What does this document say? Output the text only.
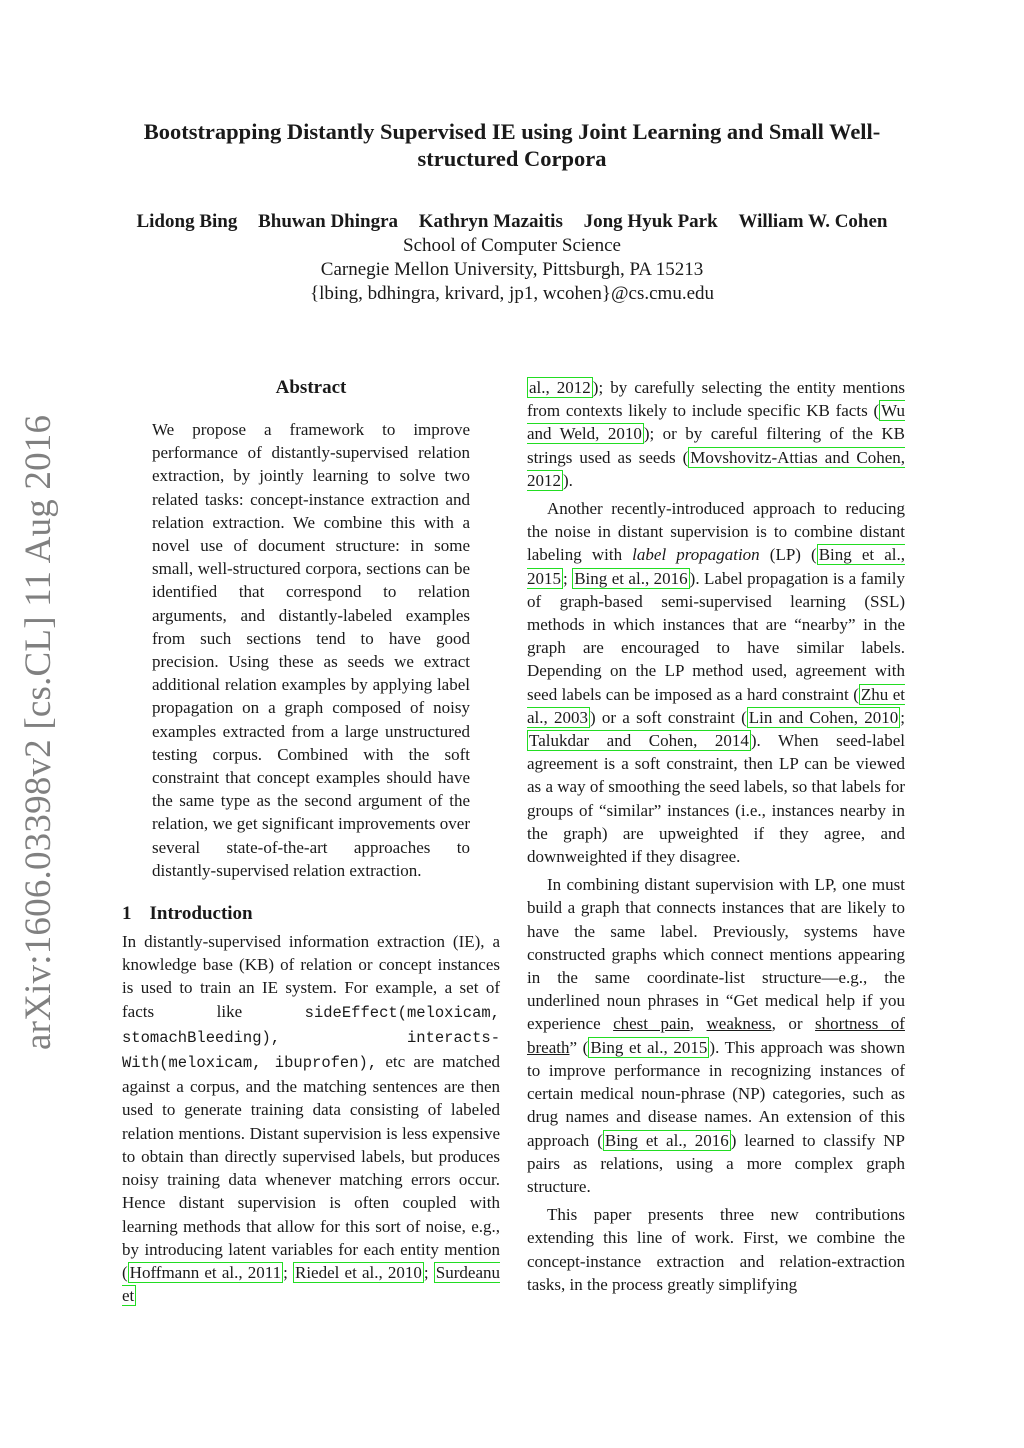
arXiv:1606.03398v2 [cs.CL] 11 Aug 2016
Bootstrapping Distantly Supervised IE using Joint Learning and Small Well-structured Corpora
Lidong Bing Bhuwan Dhingra Kathryn Mazaitis Jong Hyuk Park William W. Cohen
School of Computer Science
Carnegie Mellon University, Pittsburgh, PA 15213
{lbing, bdhingra, krivard, jp1, wcohen}@cs.cmu.edu
Abstract
We propose a framework to improve performance of distantly-supervised relation extraction, by jointly learning to solve two related tasks: concept-instance extraction and relation extraction. We combine this with a novel use of document structure: in some small, well-structured corpora, sections can be identified that correspond to relation arguments, and distantly-labeled examples from such sections tend to have good precision. Using these as seeds we extract additional relation examples by applying label propagation on a graph composed of noisy examples extracted from a large unstructured testing corpus. Combined with the soft constraint that concept examples should have the same type as the second argument of the relation, we get significant improvements over several state-of-the-art approaches to distantly-supervised relation extraction.
1 Introduction

In distantly-supervised information extraction (IE), a knowledge base (KB) of relation or concept instances is used to train an IE system. For example, a set of facts like sideEffect(meloxicam, stomachBleeding), interacts-With(meloxicam, ibuprofen), etc are matched against a corpus, and the matching sentences are then used to generate training data consisting of labeled relation mentions. Distant supervision is less expensive to obtain than directly supervised labels, but produces noisy training data whenever matching errors occur. Hence distant supervision is often coupled with learning methods that allow for this sort of noise, e.g., by introducing latent variables for each entity mention ( Hoffmann et al., 2011 ; Riedel et al., 2010 ; Surdeanu et

al., 2012 ); by carefully selecting the entity mentions from contexts likely to include specific KB facts ( Wu and Weld, 2010 ); or by careful filtering of the KB strings used as seeds ( Movshovitz-Attias and Cohen, 2012 ).

Another recently-introduced approach to reducing the noise in distant supervision is to combine distant labeling with label propagation (LP) ( Bing et al., 2015 ; Bing et al., 2016 ). Label propagation is a family of graph-based semi-supervised learning (SSL) methods in which instances that are “nearby” in the graph are encouraged to have similar labels. Depending on the LP method used, agreement with seed labels can be imposed as a hard constraint ( Zhu et al., 2003 ) or a soft constraint ( Lin and Cohen, 2010 ; Talukdar and Cohen, 2014 ). When seed-label agreement is a soft constraint, then LP can be viewed as a way of smoothing the seed labels, so that labels for groups of “similar” instances (i.e., instances nearby in the graph) are upweighted if they agree, and downweighted if they disagree.

In combining distant supervision with LP, one must build a graph that connects instances that are likely to have the same label. Previously, systems have constructed graphs which connect mentions appearing in the same coordinate-list structure—e.g., the underlined noun phrases in “Get medical help if you experience chest pain, weakness, or shortness of breath” ( Bing et al., 2015 ). This approach was shown to improve performance in recognizing instances of certain medical noun-phrase (NP) categories, such as drug names and disease names. An extension of this approach ( Bing et al., 2016 ) learned to classify NP pairs as relations, using a more complex graph structure.

This paper presents three new contributions extending this line of work. First, we combine the concept-instance extraction and relation-extraction tasks, in the process greatly simplifying
